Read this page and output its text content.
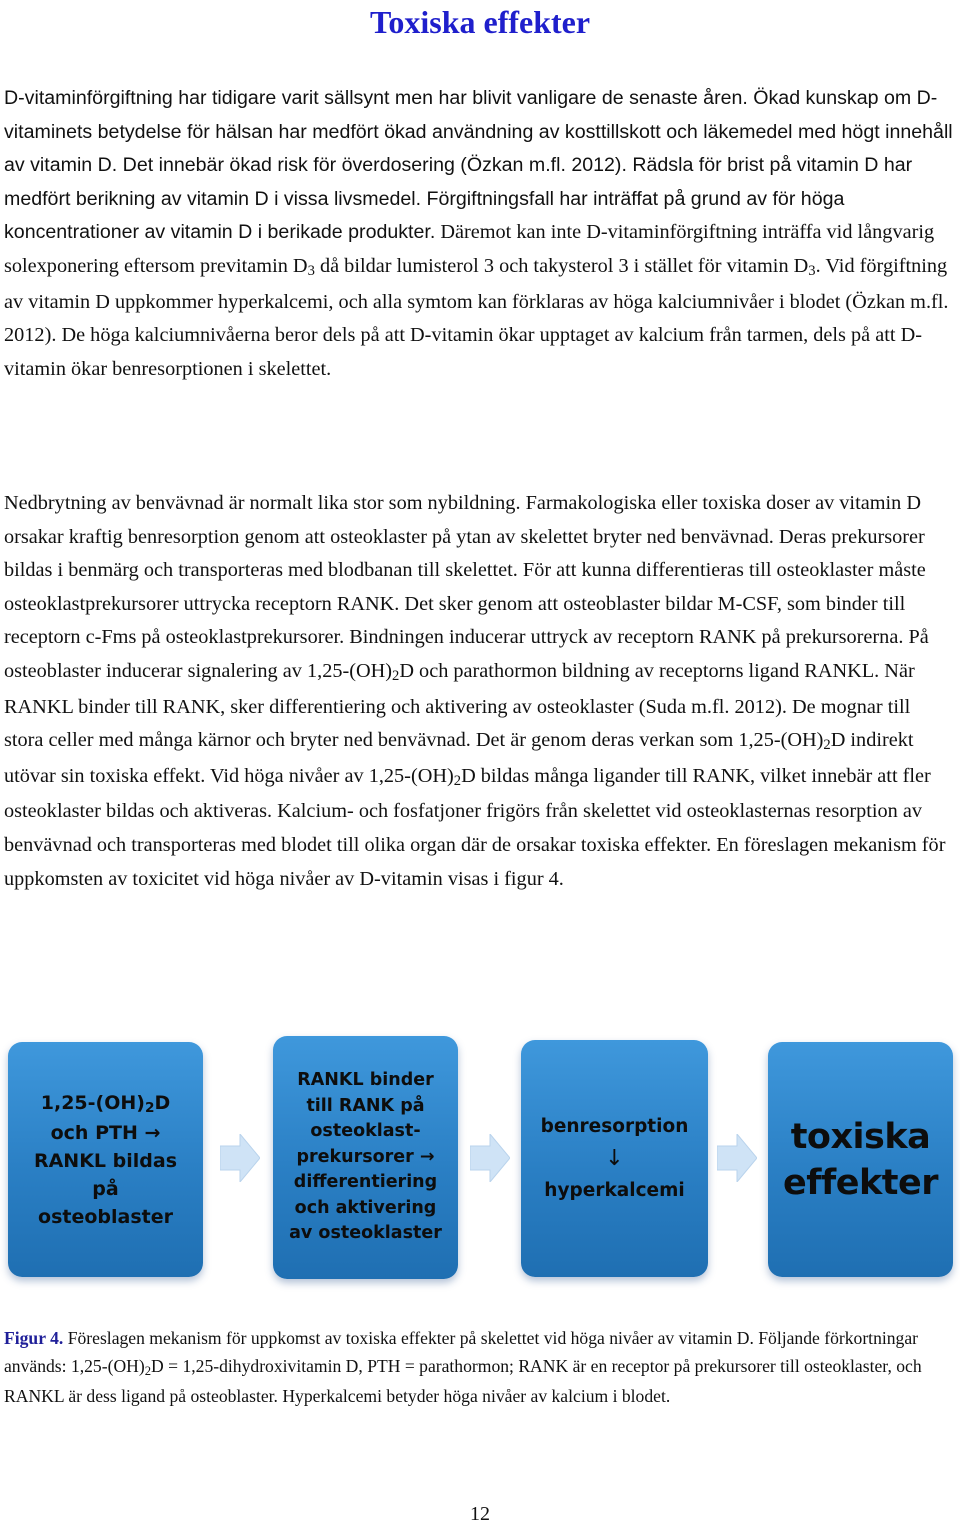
Toxiska effekter

D-vitaminförgiftning har tidigare varit sällsynt men har blivit vanligare de senaste åren. Ökad kunskap om D-vitaminets betydelse för hälsan har medfört ökad användning av kosttillskott och läkemedel med högt innehåll av vitamin D. Det innebär ökad risk för överdosering (Özkan m.fl. 2012). Rädsla för brist på vitamin D har medfört berikning av vitamin D i vissa livsmedel. Förgiftningsfall har inträffat på grund av för höga koncentrationer av vitamin D i berikade produkter. Däremot kan inte D-vitaminförgiftning inträffa vid långvarig solexponering eftersom previtamin D3 då bildar lumisterol 3 och takysterol 3 i stället för vitamin D3. Vid förgiftning av vitamin D uppkommer hyperkalcemi, och alla symtom kan förklaras av höga kalciumnivåer i blodet (Özkan m.fl. 2012). De höga kalciumnivåerna beror dels på att D-vitamin ökar upptaget av kalcium från tarmen, dels på att D-vitamin ökar benresorptionen i skelettet.

Nedbrytning av benvävnad är normalt lika stor som nybildning. Farmakologiska eller toxiska doser av vitamin D orsakar kraftig benresorption genom att osteoklaster på ytan av skelettet bryter ned benvävnad. Deras prekursorer bildas i benmärg och transporteras med blodbanan till skelettet. För att kunna differentieras till osteoklaster måste osteoklastprekursorer uttrycka receptorn RANK. Det sker genom att osteoblaster bildar M-CSF, som binder till receptorn c-Fms på osteoklastprekursorer. Bindningen inducerar uttryck av receptorn RANK på prekursorerna. På osteoblaster inducerar signalering av 1,25-(OH)2D och parathormon bildning av receptorns ligand RANKL. När RANKL binder till RANK, sker differentiering och aktivering av osteoklaster (Suda m.fl. 2012). De mognar till stora celler med många kärnor och bryter ned benvävnad. Det är genom deras verkan som 1,25-(OH)2D indirekt utövar sin toxiska effekt. Vid höga nivåer av 1,25-(OH)2D bildas många ligander till RANK, vilket innebär att fler osteoklaster bildas och aktiveras. Kalcium- och fosfatjoner frigörs från skelettet vid osteoklasternas resorption av benvävnad och transporteras med blodet till olika organ där de orsakar toxiska effekter. En föreslagen mekanism för uppkomsten av toxicitet vid höga nivåer av D-vitamin visas i figur 4.

1,25-(OH)2D
och PTH →
RANKL bildas
på
osteoblaster
RANKL binder
till RANK på
osteoklast-
prekursorer →
differentiering
och aktivering
av osteoklaster
benresorption
↓
hyperkalcemi
toxiska
effekter

Figur 4. Föreslagen mekanism för uppkomst av toxiska effekter på skelettet vid höga nivåer av vitamin D. Följande förkortningar används: 1,25-(OH)2D = 1,25-dihydroxivitamin D, PTH = parathormon; RANK är en receptor på prekursorer till osteoklaster, och RANKL är dess ligand på osteoblaster. Hyperkalcemi betyder höga nivåer av kalcium i blodet.

12
